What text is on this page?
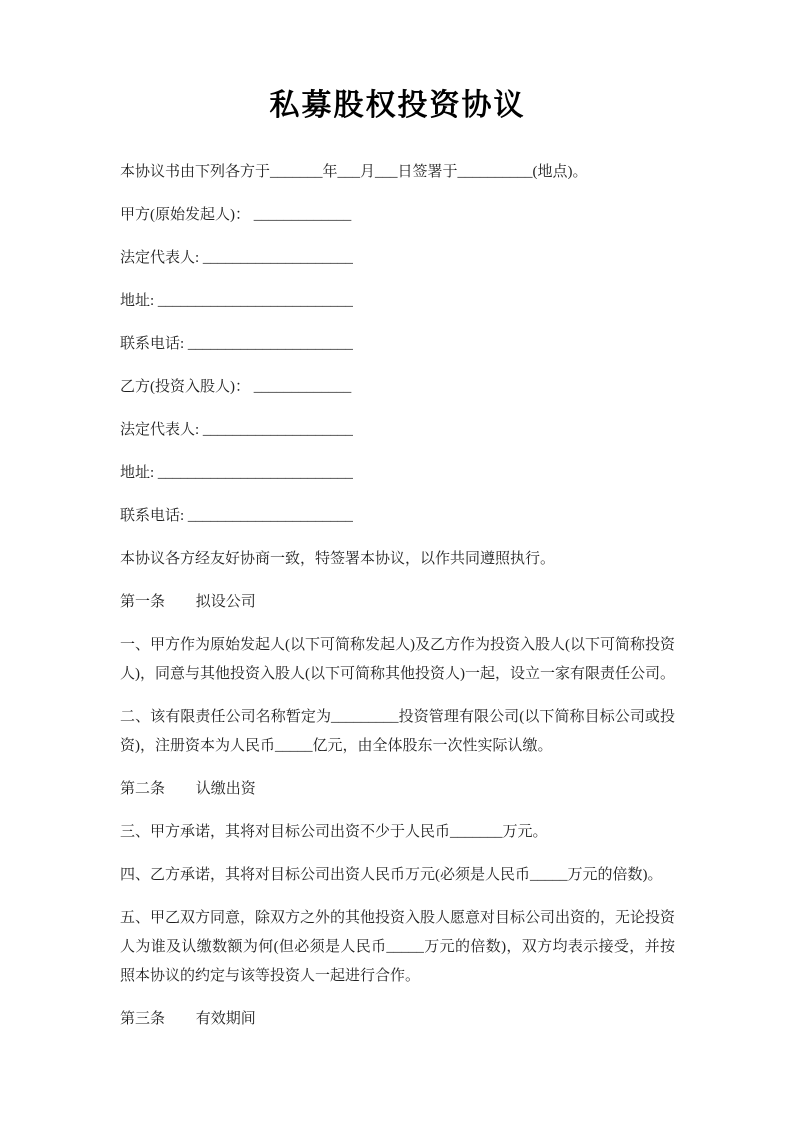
私募股权投资协议

本协议书由下列各方于_______年___月___日签署于__________(地点)。

甲方(原始发起人)： _____________

法定代表人: ____________________

地址: __________________________

联系电话: ______________________

乙方(投资入股人)： _____________

法定代表人: ____________________

地址: __________________________

联系电话: ______________________

本协议各方经友好协商一致，特签署本协议，以作共同遵照执行。

第一条 拟设公司

一、甲方作为原始发起人(以下可简称发起人)及乙方作为投资入股人(以下可简称投资人)，同意与其他投资入股人(以下可简称其他投资人)一起，设立一家有限责任公司。

二、该有限责任公司名称暂定为_________投资管理有限公司(以下简称目标公司或投资)，注册资本为人民币_____亿元，由全体股东一次性实际认缴。

第二条 认缴出资

三、甲方承诺，其将对目标公司出资不少于人民币_______万元。

四、乙方承诺，其将对目标公司出资人民币万元(必须是人民币_____万元的倍数)。

五、甲乙双方同意，除双方之外的其他投资入股人愿意对目标公司出资的，无论投资人为谁及认缴数额为何(但必须是人民币_____万元的倍数)，双方均表示接受，并按照本协议的约定与该等投资人一起进行合作。

第三条 有效期间
